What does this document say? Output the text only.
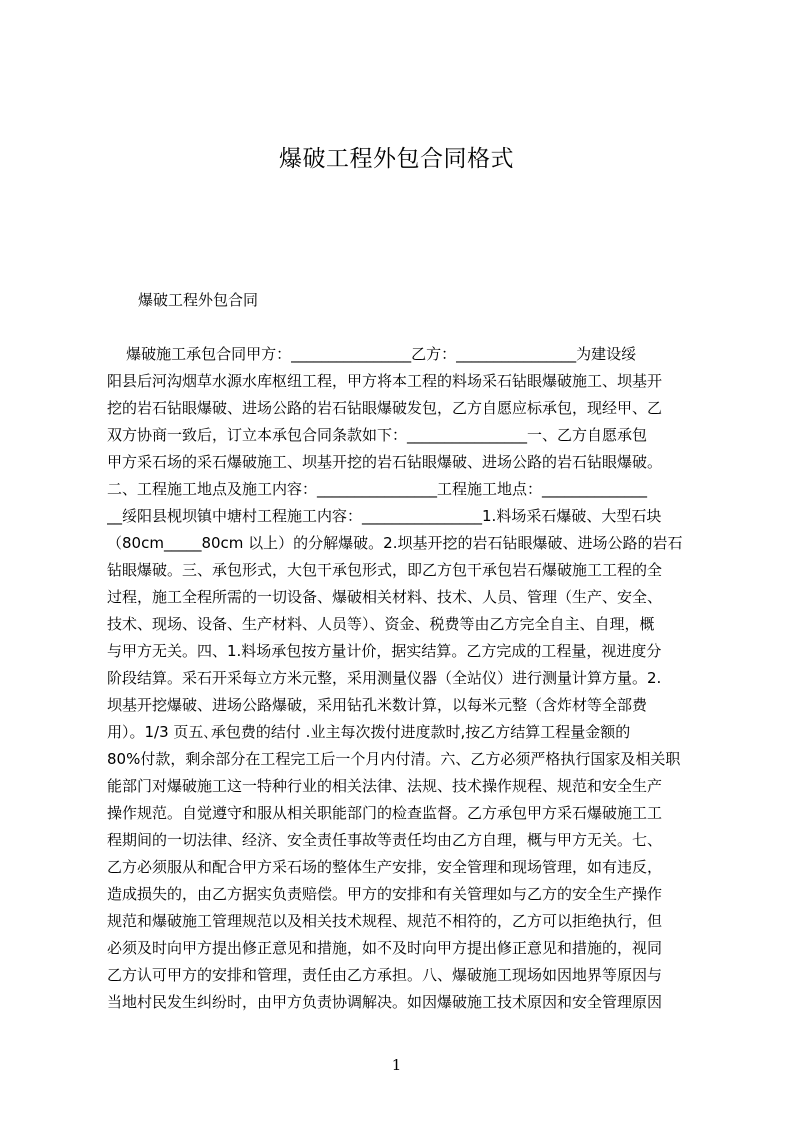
爆破工程外包合同格式
爆破工程外包合同
爆破施工承包合同甲方：________________乙方：________________为建设绥
阳县后河沟烟草水源水库枢纽工程，甲方将本工程的料场采石钻眼爆破施工、坝基开
挖的岩石钻眼爆破、进场公路的岩石钻眼爆破发包，乙方自愿应标承包，现经甲、乙
双方协商一致后，订立本承包合同条款如下：________________一、乙方自愿承包
甲方采石场的采石爆破施工、坝基开挖的岩石钻眼爆破、进场公路的岩石钻眼爆破。
二、工程施工地点及施工内容：________________工程施工地点：______________
__绥阳县枧坝镇中塘村工程施工内容：________________1.料场采石爆破、大型石块
（80cm_____80cm 以上）的分解爆破。2.坝基开挖的岩石钻眼爆破、进场公路的岩石
钻眼爆破。三、承包形式，大包干承包形式，即乙方包干承包岩石爆破施工工程的全
过程，施工全程所需的一切设备、爆破相关材料、技术、人员、管理（生产、安全、
技术、现场、设备、生产材料、人员等）、资金、税费等由乙方完全自主、自理，概
与甲方无关。四、1.料场承包按方量计价，据实结算。乙方完成的工程量，视进度分
阶段结算。采石开采每立方米元整，采用测量仪器（全站仪）进行测量计算方量。2.
坝基开挖爆破、进场公路爆破，采用钻孔米数计算，以每米元整（含炸材等全部费
用）。1/3 页五､承包费的结付 .业主每次拨付进度款时,按乙方结算工程量金额的
80%付款，剩余部分在工程完工后一个月内付清。六、乙方必须严格执行国家及相关职
能部门对爆破施工这一特种行业的相关法律、法规、技术操作规程、规范和安全生产
操作规范。自觉遵守和服从相关职能部门的检查监督。乙方承包甲方采石爆破施工工
程期间的一切法律、经济、安全责任事故等责任均由乙方自理，概与甲方无关。七、
乙方必须服从和配合甲方采石场的整体生产安排，安全管理和现场管理，如有违反，
造成损失的，由乙方据实负责赔偿。甲方的安排和有关管理如与乙方的安全生产操作
规范和爆破施工管理规范以及相关技术规程、规范不相符的，乙方可以拒绝执行，但
必须及时向甲方提出修正意见和措施，如不及时向甲方提出修正意见和措施的，视同
乙方认可甲方的安排和管理，责任由乙方承担。八、爆破施工现场如因地界等原因与
当地村民发生纠纷时，由甲方负责协调解决。如因爆破施工技术原因和安全管理原因
1
